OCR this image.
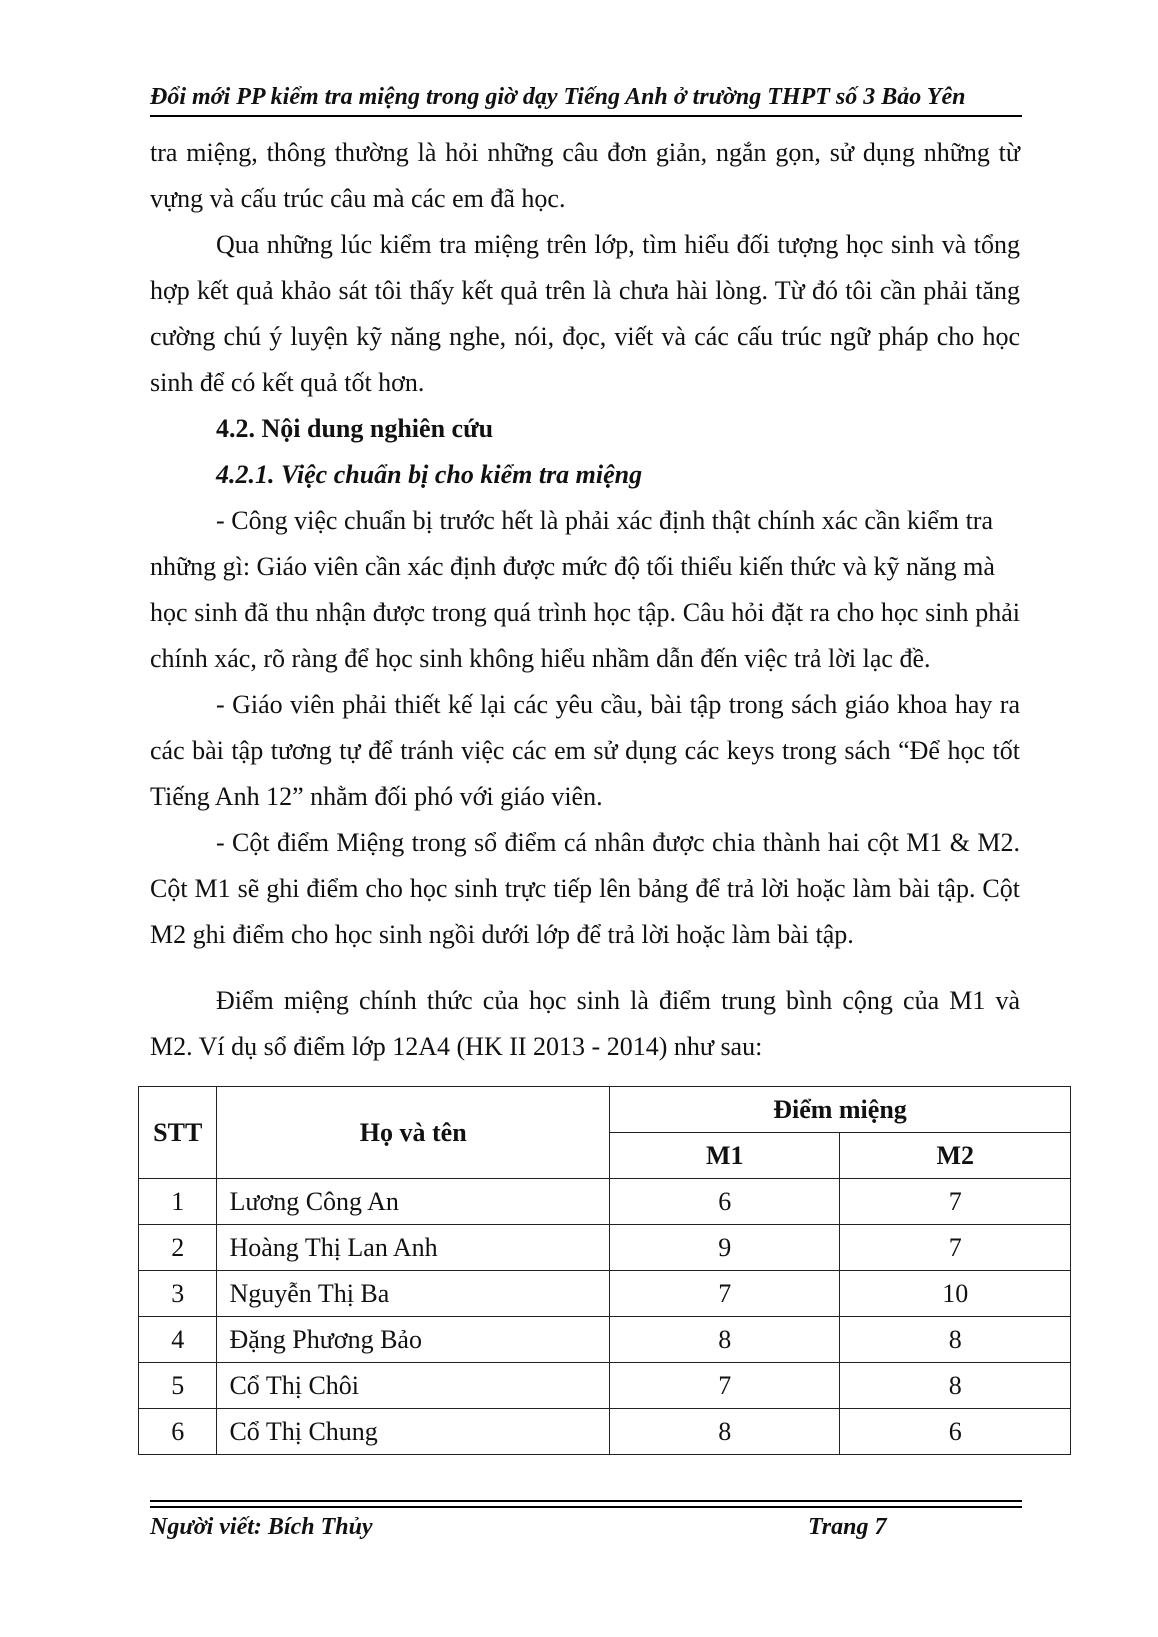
Đổi mới PP kiểm tra miệng trong giờ dạy Tiếng Anh ở trường THPT số 3 Bảo Yên
tra miệng, thông thường là hỏi những câu đơn giản, ngắn gọn, sử dụng những từ
vựng và cấu trúc câu mà các em đã học.
Qua những lúc kiểm tra miệng trên lớp, tìm hiểu đối tượng học sinh và tổng
hợp kết quả khảo sát tôi thấy kết quả trên là chưa hài lòng. Từ đó tôi cần phải tăng
cường chú ý luyện kỹ năng nghe, nói, đọc, viết và các cấu trúc ngữ pháp cho học
sinh để có kết quả tốt hơn.
4.2. Nội dung nghiên cứu
4.2.1. Việc chuẩn bị cho kiểm tra miệng
- Công việc chuẩn bị trước hết là phải xác định thật chính xác cần kiểm tra
những gì: Giáo viên cần xác định được mức độ tối thiểu kiến thức và kỹ năng mà
học sinh đã thu nhận được trong quá trình học tập. Câu hỏi đặt ra cho học sinh phải
chính xác, rõ ràng để học sinh không hiểu nhầm dẫn đến việc trả lời lạc đề.
- Giáo viên phải thiết kế lại các yêu cầu, bài tập trong sách giáo khoa hay ra
các bài tập tương tự để tránh việc các em sử dụng các keys trong sách “Để học tốt
Tiếng Anh 12” nhằm đối phó với giáo viên.
- Cột điểm Miệng trong sổ điểm cá nhân được chia thành hai cột M1 & M2.
Cột M1 sẽ ghi điểm cho học sinh trực tiếp lên bảng để trả lời hoặc làm bài tập. Cột
M2 ghi điểm cho học sinh ngồi dưới lớp để trả lời hoặc làm bài tập.
Điểm miệng chính thức của học sinh là điểm trung bình cộng của M1 và
M2. Ví dụ sổ điểm lớp 12A4 (HK II 2013 - 2014) như sau:
STT	Họ và tên	Điểm miệng	
		M1	M2
1	Lương Công An	6	7
2	Hoàng Thị Lan Anh	9	7
3	Nguyễn Thị Ba	7	10
4	Đặng Phương Bảo	8	8
5	Cổ Thị Chôi	7	8
6	Cổ Thị Chung	8	6
Người viết: Bích Thủy	Trang 7
